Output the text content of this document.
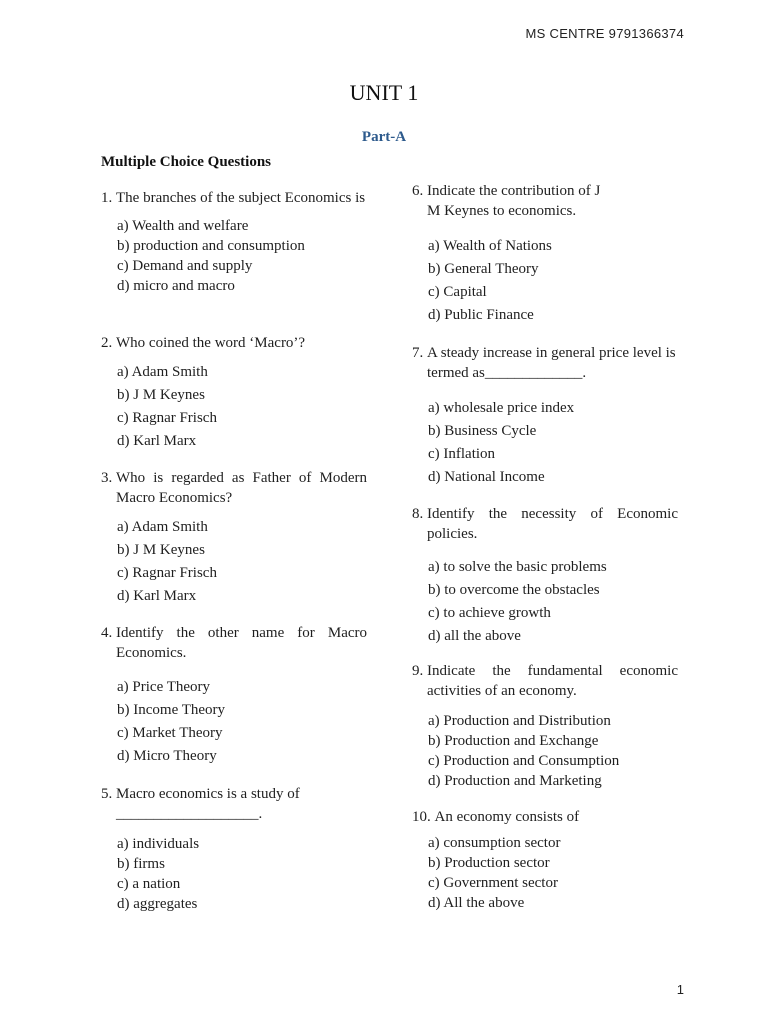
MS CENTRE 9791366374
UNIT 1
Part-A
Multiple Choice Questions
1. The branches of the subject Economics is
a) Wealth and welfare
b) production and consumption
c) Demand and supply
d) micro and macro
2. Who coined the word ‘Macro’?
a) Adam Smith
b) J M Keynes
c) Ragnar Frisch
d) Karl Marx
3. Who is regarded as Father of Modern Macro Economics?
a) Adam Smith
b) J M Keynes
c) Ragnar Frisch
d) Karl Marx
4. Identify the other name for Macro Economics.
a) Price Theory
b) Income Theory
c) Market Theory
d) Micro Theory
5. Macro economics is a study of ___________________.
a) individuals
b) firms
c) a nation
d) aggregates
6. Indicate the contribution of J M Keynes to economics.
a) Wealth of Nations
b) General Theory
c) Capital
d) Public Finance
7. A steady increase in general price level is termed as_____________.
a) wholesale price index
b) Business Cycle
c) Inflation
d) National Income
8. Identify the necessity of Economic policies.
a) to solve the basic problems
b) to overcome the obstacles
c) to achieve growth
d) all the above
9. Indicate the fundamental economic activities of an economy.
a) Production and Distribution
b) Production and Exchange
c) Production and Consumption
d) Production and Marketing
10. An economy consists of
a) consumption sector
b) Production sector
c) Government sector
d) All the above
1
